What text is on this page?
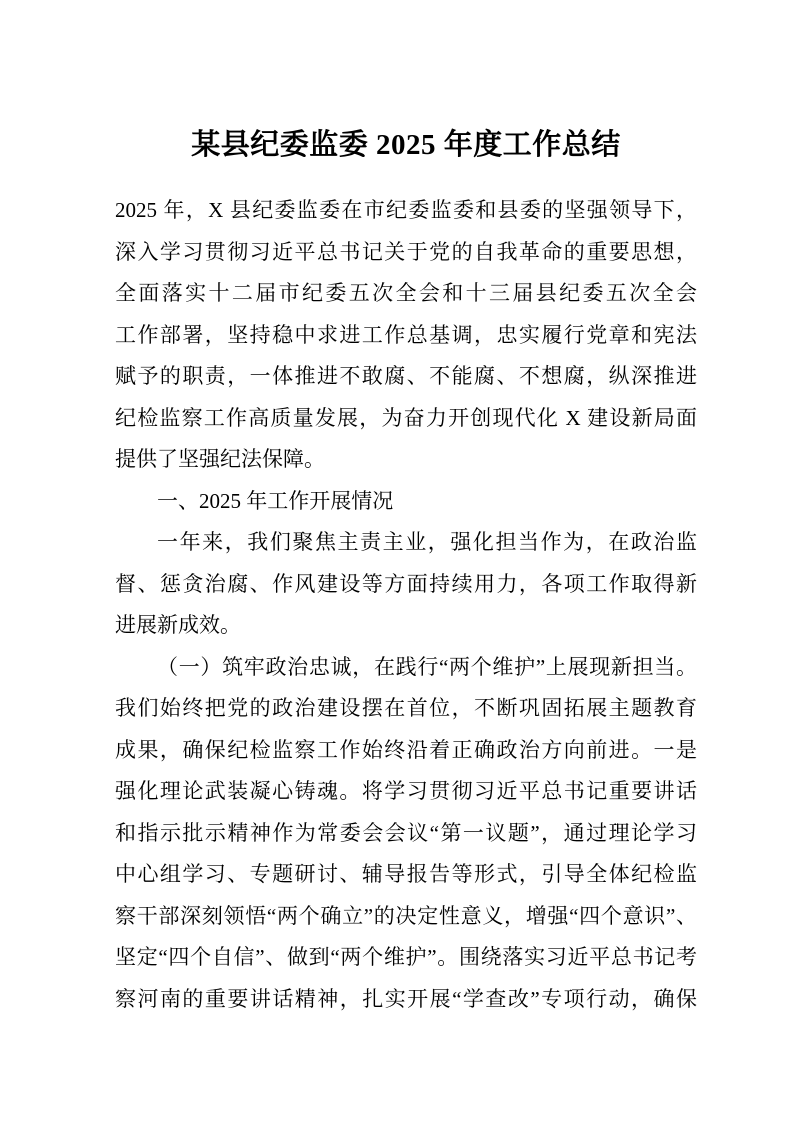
某县纪委监委 2025 年度工作总结

2025 年，X 县纪委监委在市纪委监委和县委的坚强领导下，

深入学习贯彻习近平总书记关于党的自我革命的重要思想，

全面落实十二届市纪委五次全会和十三届县纪委五次全会

工作部署，坚持稳中求进工作总基调，忠实履行党章和宪法

赋予的职责，一体推进不敢腐、不能腐、不想腐，纵深推进

纪检监察工作高质量发展，为奋力开创现代化 X 建设新局面

提供了坚强纪法保障。

一、2025 年工作开展情况

一年来，我们聚焦主责主业，强化担当作为，在政治监

督、惩贪治腐、作风建设等方面持续用力，各项工作取得新

进展新成效。

（一）筑牢政治忠诚，在践行“两个维护”上展现新担当。

我们始终把党的政治建设摆在首位，不断巩固拓展主题教育

成果，确保纪检监察工作始终沿着正确政治方向前进。一是

强化理论武装凝心铸魂。将学习贯彻习近平总书记重要讲话

和指示批示精神作为常委会会议“第一议题”，通过理论学习

中心组学习、专题研讨、辅导报告等形式，引导全体纪检监

察干部深刻领悟“两个确立”的决定性意义，增强“四个意识”、

坚定“四个自信”、做到“两个维护”。围绕落实习近平总书记考

察河南的重要讲话精神，扎实开展“学查改”专项行动，确保
